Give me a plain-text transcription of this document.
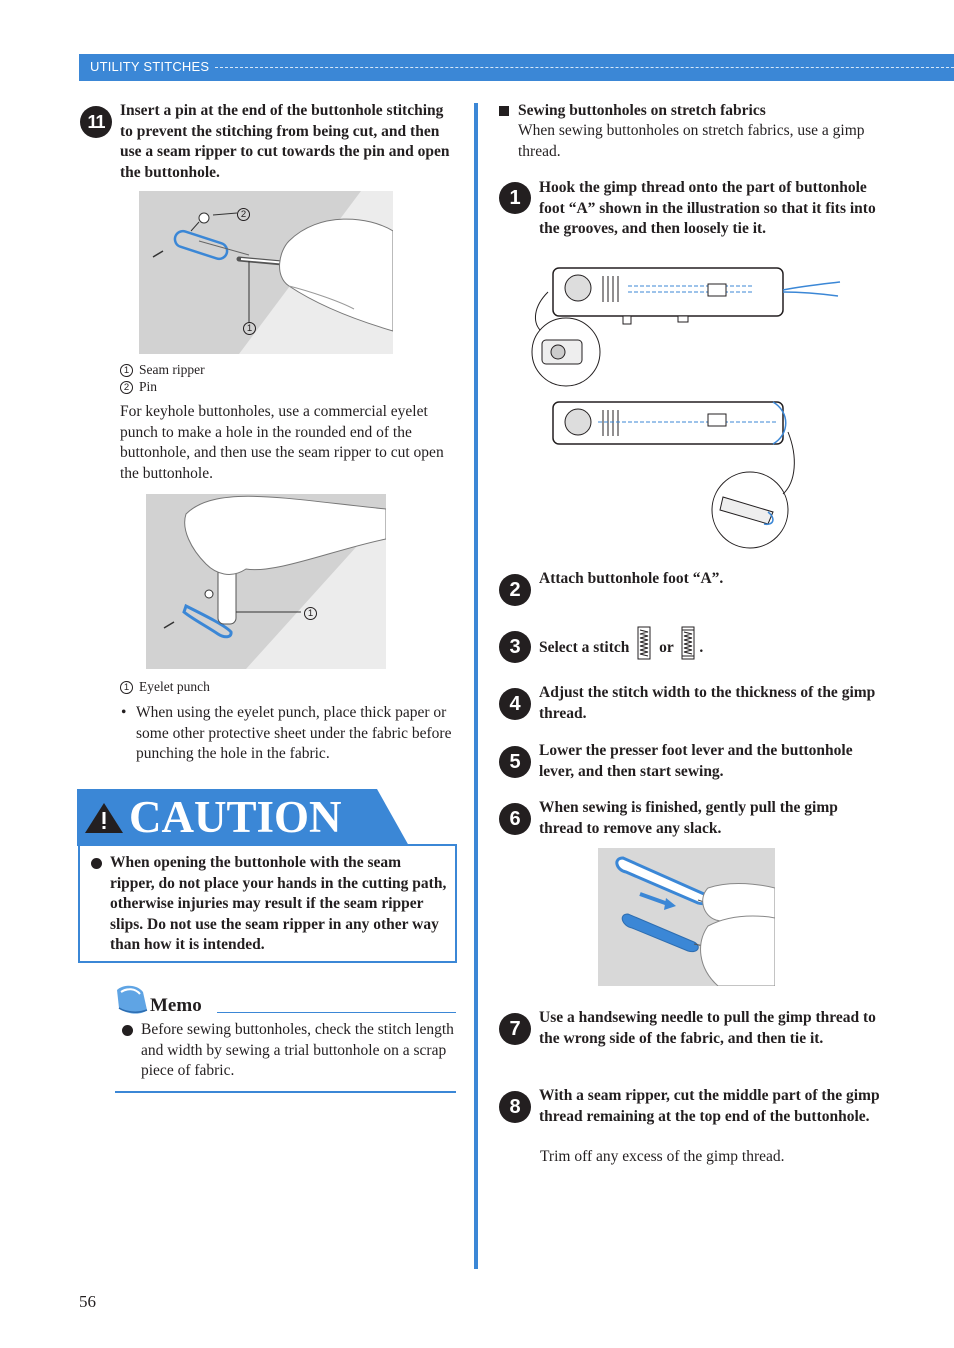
UTILITY STITCHES
11
Insert a pin at the end of the buttonhole stitching to prevent the stitching from being cut, and then use a seam ripper to cut towards the pin and open the buttonhole.
2
1
1 Seam ripper
2 Pin
For keyhole buttonholes, use a commercial eyelet punch to make a hole in the rounded end of the buttonhole, and then use the seam ripper to cut open the buttonhole.
1
1 Eyelet punch
• When using the eyelet punch, place thick paper or some other protective sheet under the fabric before punching the hole in the fabric.
CAUTION
When opening the buttonhole with the seam ripper, do not place your hands in the cutting path, otherwise injuries may result if the seam ripper slips. Do not use the seam ripper in any other way than how it is intended.
Memo
Before sewing buttonholes, check the stitch length and width by sewing a trial buttonhole on a scrap piece of fabric.
Sewing buttonholes on stretch fabrics
When sewing buttonholes on stretch fabrics, use a gimp thread.
1	Hook the gimp thread onto the part of buttonhole foot “A” shown in the illustration so that it fits into the grooves, and then loosely tie it.
2
Attach buttonhole foot “A”.
3	Select a stitch or .
4
Adjust the stitch width to the thickness of the gimp thread.
5
Lower the presser foot lever and the buttonhole lever, and then start sewing.
6
When sewing is finished, gently pull the gimp thread to remove any slack.
7
Use a handsewing needle to pull the gimp thread to the wrong side of the fabric, and then tie it.
8
With a seam ripper, cut the middle part of the gimp thread remaining at the top end of the buttonhole.
Trim off any excess of the gimp thread.
56
